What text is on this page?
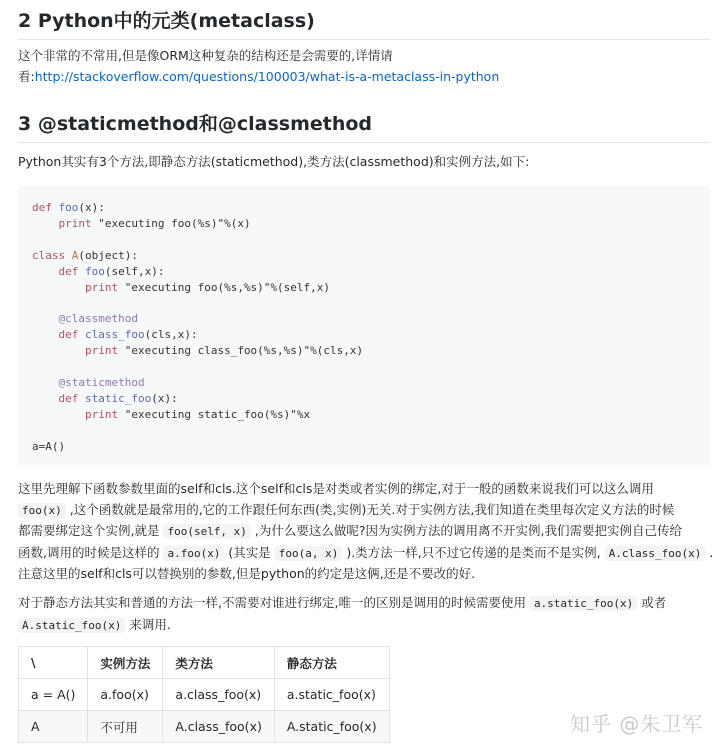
2 Python中的元类(metaclass)
这个非常的不常用,但是像ORM这种复杂的结构还是会需要的,详情请
看:http://stackoverflow.com/questions/100003/what-is-a-metaclass-in-python
3 @staticmethod和@classmethod
Python其实有3个方法,即静态方法(staticmethod),类方法(classmethod)和实例方法,如下:
def foo(x):
print "executing foo(%s)"%(x)
class A(object):
def foo(self,x):
print "executing foo(%s,%s)"%(self,x)
@classmethod
def class_foo(cls,x):
print "executing class_foo(%s,%s)"%(cls,x)
@staticmethod
def static_foo(x):
print "executing static_foo(%s)"%x
a=A()
这里先理解下函数参数里面的self和cls.这个self和cls是对类或者实例的绑定,对于一般的函数来说我们可以这么调用
foo(x) ,这个函数就是最常用的,它的工作跟任何东西(类,实例)无关.对于实例方法,我们知道在类里每次定义方法的时候
都需要绑定这个实例,就是 foo(self, x) ,为什么要这么做呢?因为实例方法的调用离不开实例,我们需要把实例自己传给
函数,调用的时候是这样的 a.foo(x) (其实是 foo(a, x) ).类方法一样,只不过它传递的是类而不是实例, A.class_foo(x) .
注意这里的self和cls可以替换别的参数,但是python的约定是这俩,还是不要改的好.
对于静态方法其实和普通的方法一样,不需要对谁进行绑定,唯一的区别是调用的时候需要使用 a.static_foo(x) 或者
A.static_foo(x) 来调用.
\	实例方法	类方法	静态方法
a = A()	a.foo(x)	a.class_foo(x)	a.static_foo(x)
A	不可用	A.class_foo(x)	A.static_foo(x)	知乎 @朱卫军
